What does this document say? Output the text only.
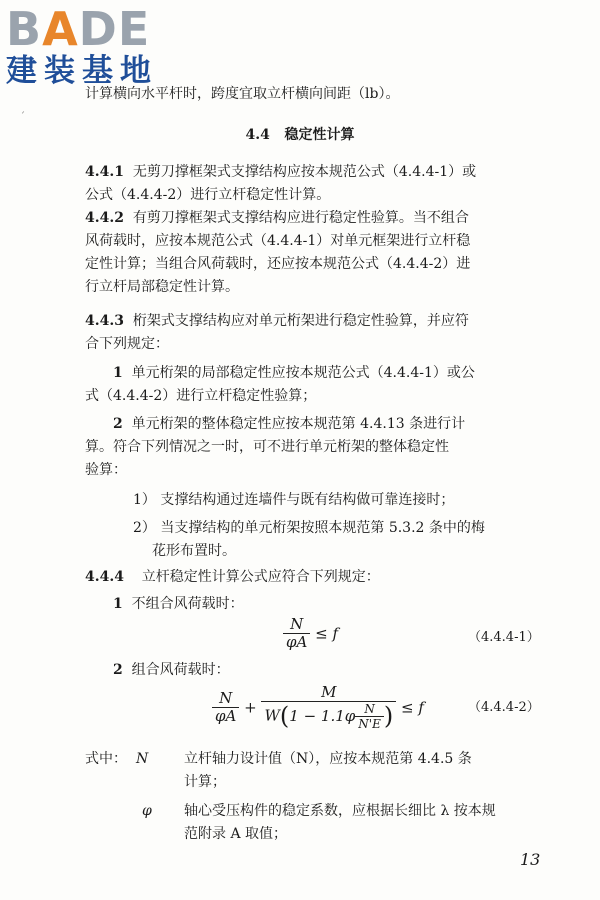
BADE
建装基地
计算横向水平杆时，跨度宜取立杆横向间距（lb）。
ˊ
4.4 稳定性计算
4.4.1 无剪刀撑框架式支撑结构应按本规范公式（4.4.4-1）或
公式（4.4.4-2）进行立杆稳定性计算。
4.4.2 有剪刀撑框架式支撑结构应进行稳定性验算。当不组合
风荷载时，应按本规范公式（4.4.4-1）对单元框架进行立杆稳
定性计算；当组合风荷载时，还应按本规范公式（4.4.4-2）进
行立杆局部稳定性计算。
4.4.3 桁架式支撑结构应对单元桁架进行稳定性验算，并应符
合下列规定：
1 单元桁架的局部稳定性应按本规范公式（4.4.4-1）或公
式（4.4.4-2）进行立杆稳定性验算；
2 单元桁架的整体稳定性应按本规范第 4.4.13 条进行计
算。符合下列情况之一时，可不进行单元桁架的整体稳定性
验算：
1） 支撑结构通过连墙件与既有结构做可靠连接时；
2） 当支撑结构的单元桁架按照本规范第 5.3.2 条中的梅
花形布置时。
4.4.4 立杆稳定性计算公式应符合下列规定：
1 不组合风荷载时：
$\frac{N}{\varphi A} \le f$	（4.4.4-1）
2 组合风荷载时：
$\frac{N}{\varphi A} + \frac{M}{W(1 - 1.1\varphi \frac{N}{N'E} )} \le f$	（4.4.4-2）
式中： N	立杆轴力设计值（N），应按本规范第 4.4.5 条
计算；
φ 轴心受压构件的稳定系数，应根据长细比 λ 按本规
范附录 A 取值；
13
